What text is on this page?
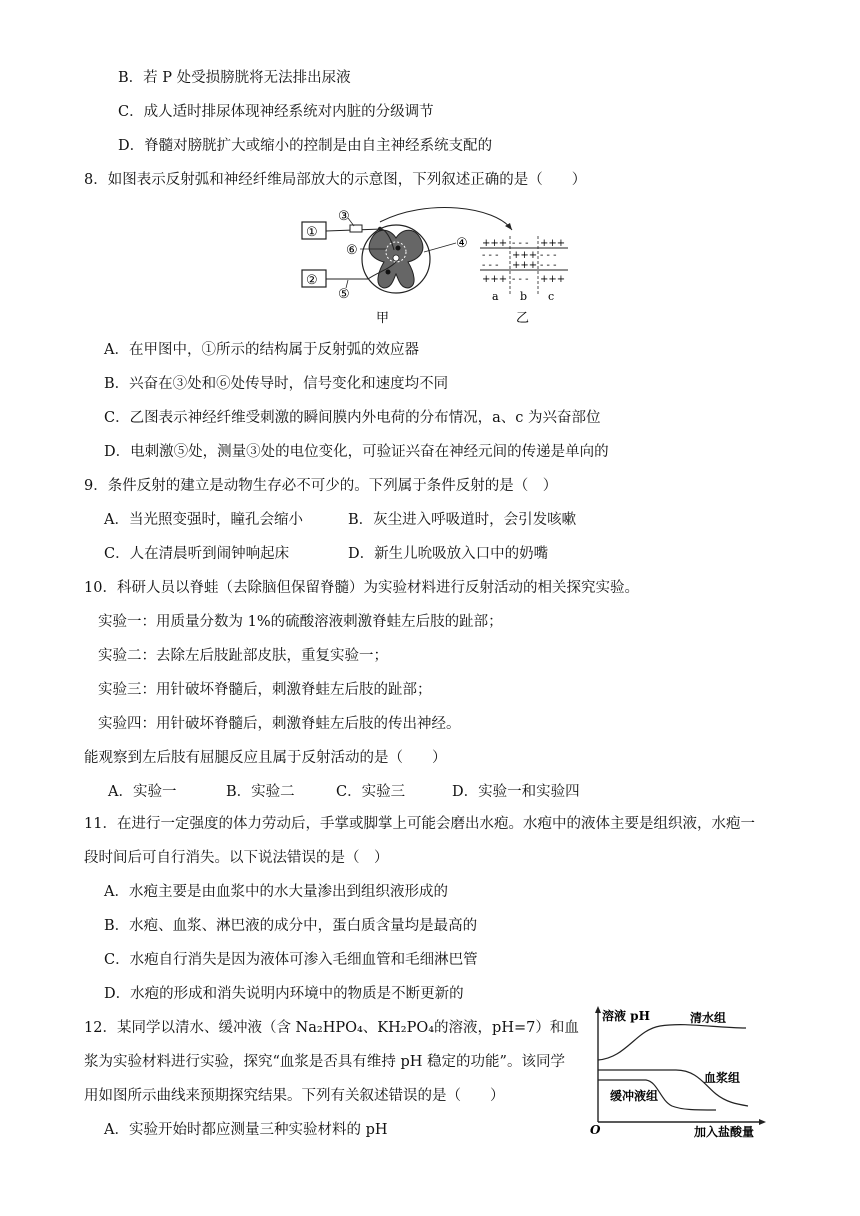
B．若 P 处受损膀胱将无法排出尿液
C．成人适时排尿体现神经系统对内脏的分级调节
D．脊髓对膀胱扩大或缩小的控制是由自主神经系统支配的
8．如图表示反射弧和神经纤维局部放大的示意图，下列叙述正确的是（　　）
①
②
③
④
⑤
⑥	+++ - - - +++
- - - +++ - - -
- - - +++ - - -
+++ - - - +++
a b c
甲	乙
A．在甲图中，①所示的结构属于反射弧的效应器
B．兴奋在③处和⑥处传导时，信号变化和速度均不同
C．乙图表示神经纤维受刺激的瞬间膜内外电荷的分布情况，a、c 为兴奋部位
D．电刺激⑤处，测量③处的电位变化，可验证兴奋在神经元间的传递是单向的
9．条件反射的建立是动物生存必不可少的。下列属于条件反射的是（　）
A．当光照变强时，瞳孔会缩小	B．灰尘进入呼吸道时，会引发咳嗽
C．人在清晨听到闹钟响起床	D．新生儿吮吸放入口中的奶嘴
10．科研人员以脊蛙（去除脑但保留脊髓）为实验材料进行反射活动的相关探究实验。
实验一：用质量分数为 1%的硫酸溶液刺激脊蛙左后肢的趾部；
实验二：去除左后肢趾部皮肤，重复实验一；
实验三：用针破坏脊髓后，刺激脊蛙左后肢的趾部；
实验四：用针破坏脊髓后，刺激脊蛙左后肢的传出神经。
能观察到左后肢有屈腿反应且属于反射活动的是（　　）
A．实验一	B．实验二	C．实验三	D．实验一和实验四
11．在进行一定强度的体力劳动后，手掌或脚掌上可能会磨出水疱。水疱中的液体主要是组织液，水疱一
段时间后可自行消失。以下说法错误的是（　）
A．水疱主要是由血浆中的水大量渗出到组织液形成的
B．水疱、血浆、淋巴液的成分中，蛋白质含量均是最高的
C．水疱自行消失是因为液体可渗入毛细血管和毛细淋巴管
D．水疱的形成和消失说明内环境中的物质是不断更新的
12．某同学以清水、缓冲液（含 Na₂HPO₄、KH₂PO₄的溶液，pH=7）和血
浆为实验材料进行实验，探究“血浆是否具有维持 pH 稳定的功能”。该同学
用如图所示曲线来预期探究结果。下列有关叙述错误的是（　　）
A．实验开始时都应测量三种实验材料的 pH
溶液 pH
O	加入盐酸量
清水组
血浆组
缓冲液组
